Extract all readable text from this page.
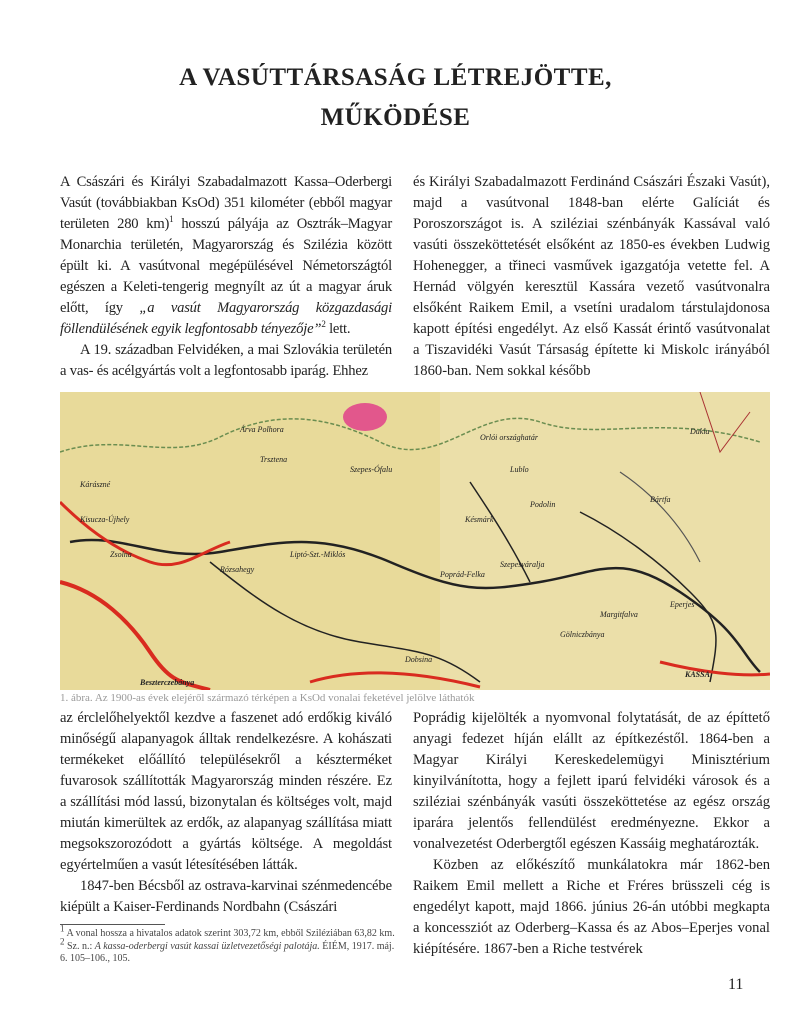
A VASÚTTÁRSASÁG LÉTREJÖTTE,
MŰKÖDÉSE

A Császári és Királyi Szabadalmazott Kassa–Oderbergi Vasút (továbbiakban KsOd) 351 kilométer (ebből magyar területen 280 km)$^1$ hosszú pályája az Osztrák–Magyar Monarchia területén, Magyarország és Szilézia között épült ki. A vasútvonal megépülésével Németországtól egészen a Keleti-tengerig megnyílt az út a magyar áruk előtt, így „a vasút Magyarország közgazdasági föllendülésének egyik legfontosabb tényezője”$^2$ lett.

A 19. században Felvidéken, a mai Szlovákia területén a vas- és acélgyártás volt a legfontosabb iparág. Ehhez

és Királyi Szabadalmazott Ferdinánd Császári Északi Vasút), majd a vasútvonal 1848-ban elérte Galíciát és Poroszországot is. A sziléziai szénbányák Kassával való vasúti összeköttetését elsőként az 1850-es években Ludwig Hohenegger, a třineci vasművek igazgatója vetette fel. A Hernád völgyén keresztül Kassára vezető vasútvonalra elsőként Raikem Emil, a vsetíni uradalom társtulajdonosa kapott építési engedélyt. Az első Kassát érintő vasútvonalat a Tiszavidéki Vasút Társaság építette ki Miskolc irányából 1860-ban. Nem sokkal később

Orlói országhatár
Dukla
Bártfa
Lublo
Szepes-Ófalu
Árva Polhora
Trsztena
Kárászné
Kisucza-Újhely
Zsolna
Rózsahegy
Liptó-Szt.-Miklós
Poprád-Felka
Szepesváralja
Eperjes
KASSA
Beszterczebánya
Dobsina
Gölniczbánya
Késmárk
Podolin
Margitfalva
1. ábra. Az 1900-as évek elejéről származó térképen a KsOd vonalai feketével jelölve láthatók

az érclelőhelyektől kezdve a faszenet adó erdőkig kiváló minőségű alapanyagok álltak rendelkezésre. A kohászati termékeket előállító településekről a készterméket fuvarosok szállították Magyarország minden részére. Ez a szállítási mód lassú, bizonytalan és költséges volt, majd miután kimerültek az erdők, az alapanyag szállítása miatt megsokszorozódott a gyártás költsége. A megoldást egyértelműen a vasút létesítésében látták.

1847-ben Bécsből az ostrava-karvinai szénmedencébe kiépült a Kaiser-Ferdinands Nordbahn (Császári

Poprádig kijelölték a nyomvonal folytatását, de az építtető anyagi fedezet híján elállt az építkezéstől. 1864-ben a Magyar Királyi Kereskedelemügyi Minisztérium kinyilvánította, hogy a fejlett iparú felvidéki városok és a sziléziai szénbányák vasúti összeköttetése az egész ország iparára jelentős fellendülést eredményezne. Ekkor a vonalvezetést Oderbergtől egészen Kassáig meghatározták.

Közben az előkészítő munkálatokra már 1862-ben Raikem Emil mellett a Riche et Fréres brüsszeli cég is engedélyt kapott, majd 1866. június 26-án utóbbi megkapta a koncessziót az Oderberg–Kassa és az Abos–Eperjes vonal kiépítésére. 1867-ben a Riche testvérek

$^1$ A vonal hossza a hivatalos adatok szerint 303,72 km, ebből Sziléziában 63,82 km.
$^2$ Sz. n.: A kassa-oderbergi vasút kassai üzletvezetőségi palotája. ÉIÉM, 1917. máj. 6. 105–106., 105.
11
